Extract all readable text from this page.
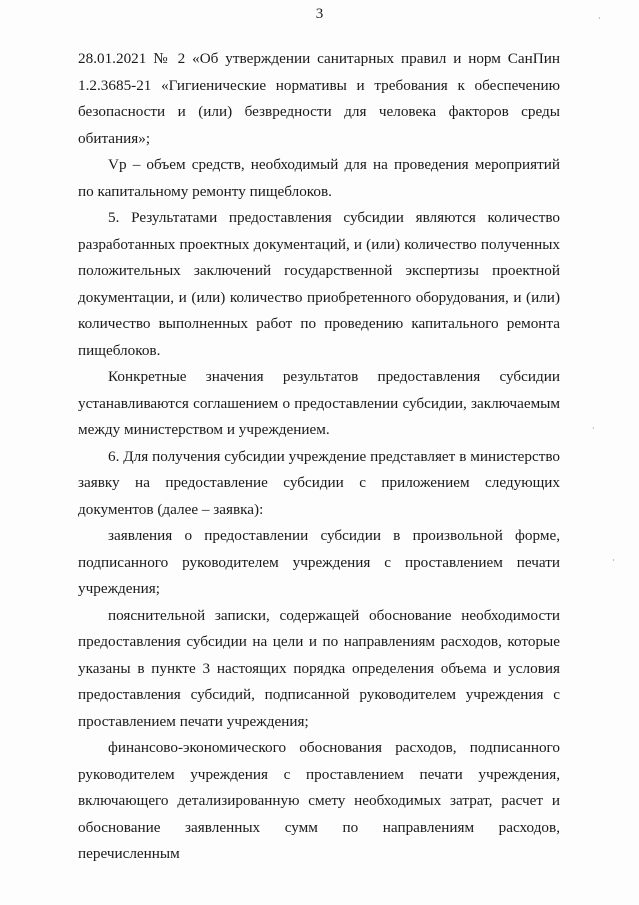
3

28.01.2021 № 2 «Об утверждении санитарных правил и норм СанПин 1.2.3685-21 «Гигиенические нормативы и требования к обеспечению безопасности и (или) безвредности для человека факторов среды обитания»;

Vp – объем средств, необходимый для на проведения мероприятий по капитальному ремонту пищеблоков.

5. Результатами предоставления субсидии являются количество разработанных проектных документаций, и (или) количество полученных положительных заключений государственной экспертизы проектной документации, и (или) количество приобретенного оборудования, и (или) количество выполненных работ по проведению капитального ремонта пищеблоков.

Конкретные значения результатов предоставления субсидии устанавливаются соглашением о предоставлении субсидии, заключаемым между министерством и учреждением.

6. Для получения субсидии учреждение представляет в министерство заявку на предоставление субсидии с приложением следующих документов (далее – заявка):

заявления о предоставлении субсидии в произвольной форме, подписанного руководителем учреждения с проставлением печати учреждения;

пояснительной записки, содержащей обоснование необходимости предоставления субсидии на цели и по направлениям расходов, которые указаны в пункте 3 настоящих порядка определения объема и условия предоставления субсидий, подписанной руководителем учреждения с проставлением печати учреждения;

финансово-экономического обоснования расходов, подписанного руководителем учреждения с проставлением печати учреждения, включающего детализированную смету необходимых затрат, расчет и обоснование заявленных сумм по направлениям расходов, перечисленным

·
·
·
